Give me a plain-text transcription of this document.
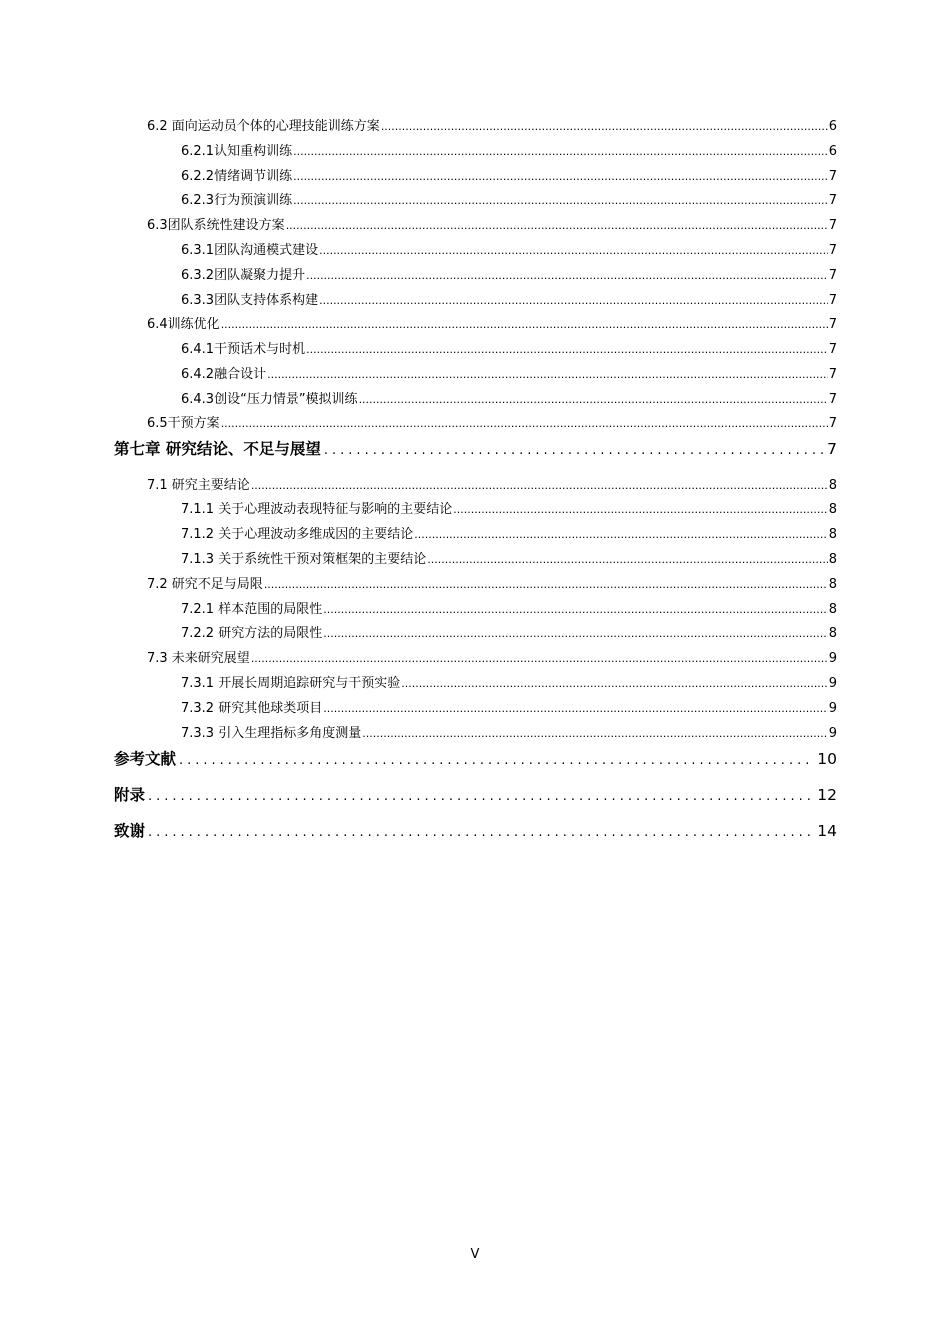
6.2 面向运动员个体的心理技能训练方案 .....	6
6.2.1认知重构训练 .....	6
6.2.2情绪调节训练 .....	7
6.2.3行为预演训练 .....	7
6.3团队系统性建设方案 .....	7
6.3.1团队沟通模式建设 .....	7
6.3.2团队凝聚力提升 .....	7
6.3.3团队支持体系构建 .....	7
6.4训练优化 .....	7
6.4.1干预话术与时机 .....	7
6.4.2融合设计 .....	7
6.4.3创设“压力情景”模拟训练 .....	7
6.5干预方案 .....	7
第七章 研究结论、不足与展望 .....	7
7.1 研究主要结论 .....	8
7.1.1 关于心理波动表现特征与影响的主要结论 .....	8
7.1.2 关于心理波动多维成因的主要结论 .....	8
7.1.3 关于系统性干预对策框架的主要结论 .....	8
7.2 研究不足与局限 .....	8
7.2.1 样本范围的局限性 .....	8
7.2.2 研究方法的局限性 .....	8
7.3 未来研究展望 .....	9
7.3.1 开展长周期追踪研究与干预实验 .....	9
7.3.2 研究其他球类项目 .....	9
7.3.3 引入生理指标多角度测量 .....	9
参考文献 .....	10
附录 .....	12
致谢 .....	14
V
